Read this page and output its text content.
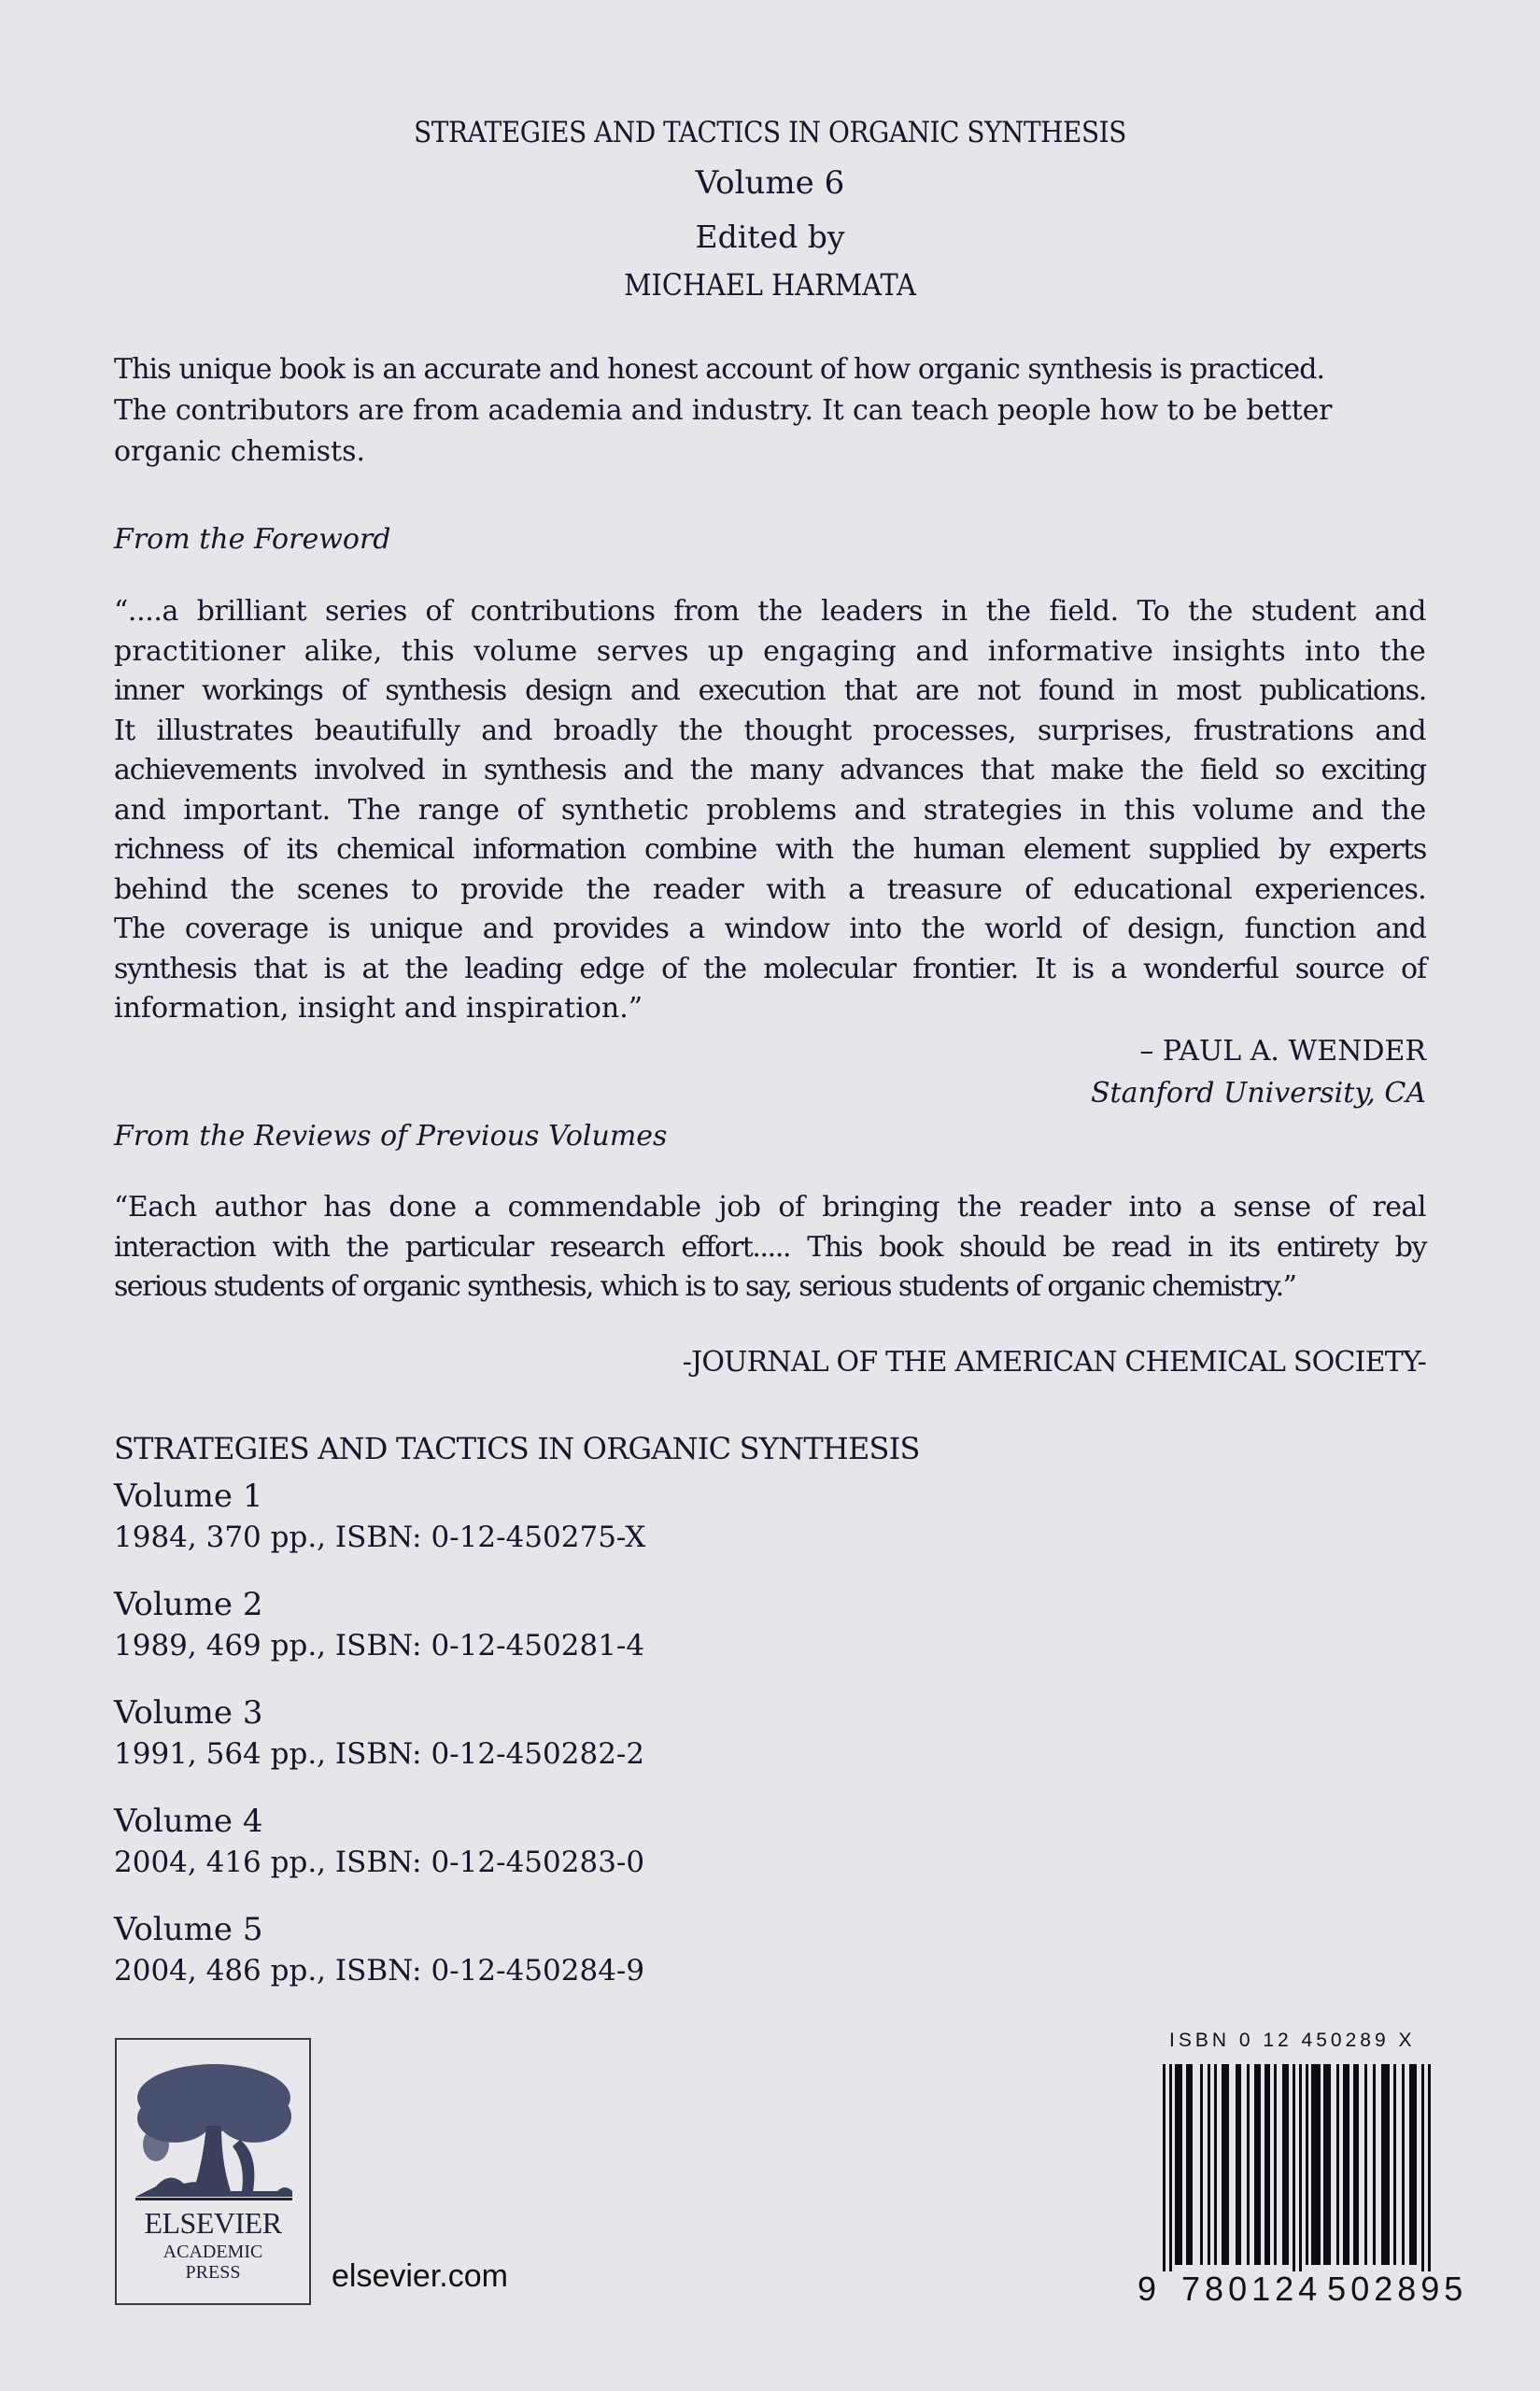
STRATEGIES AND TACTICS IN ORGANIC SYNTHESIS
Volume 6
Edited by
MICHAEL HARMATA
This unique book is an accurate and honest account of how organic synthesis is practiced.
The contributors are from academia and industry. It can teach people how to be better
organic chemists.
From the Foreword
“....a brilliant series of contributions from the leaders in the field. To the student and
practitioner alike, this volume serves up engaging and informative insights into the
inner workings of synthesis design and execution that are not found in most publications.
It illustrates beautifully and broadly the thought processes, surprises, frustrations and
achievements involved in synthesis and the many advances that make the field so exciting
and important. The range of synthetic problems and strategies in this volume and the
richness of its chemical information combine with the human element supplied by experts
behind the scenes to provide the reader with a treasure of educational experiences.
The coverage is unique and provides a window into the world of design, function and
synthesis that is at the leading edge of the molecular frontier. It is a wonderful source of
information, insight and inspiration.”
– PAUL A. WENDER
Stanford University, CA
From the Reviews of Previous Volumes
“Each author has done a commendable job of bringing the reader into a sense of real
interaction with the particular research effort..... This book should be read in its entirety by
serious students of organic synthesis, which is to say, serious students of organic chemistry.”
-JOURNAL OF THE AMERICAN CHEMICAL SOCIETY-
STRATEGIES AND TACTICS IN ORGANIC SYNTHESIS
Volume 1
1984, 370 pp., ISBN: 0-12-450275-X
Volume 2
1989, 469 pp., ISBN: 0-12-450281-4
Volume 3
1991, 564 pp., ISBN: 0-12-450282-2
Volume 4
2004, 416 pp., ISBN: 0-12-450283-0
Volume 5
2004, 486 pp., ISBN: 0-12-450284-9
ELSEVIER
ACADEMIC
PRESS	elsevier.com
ISBN 0 12 450289 X
9 780124 502895
